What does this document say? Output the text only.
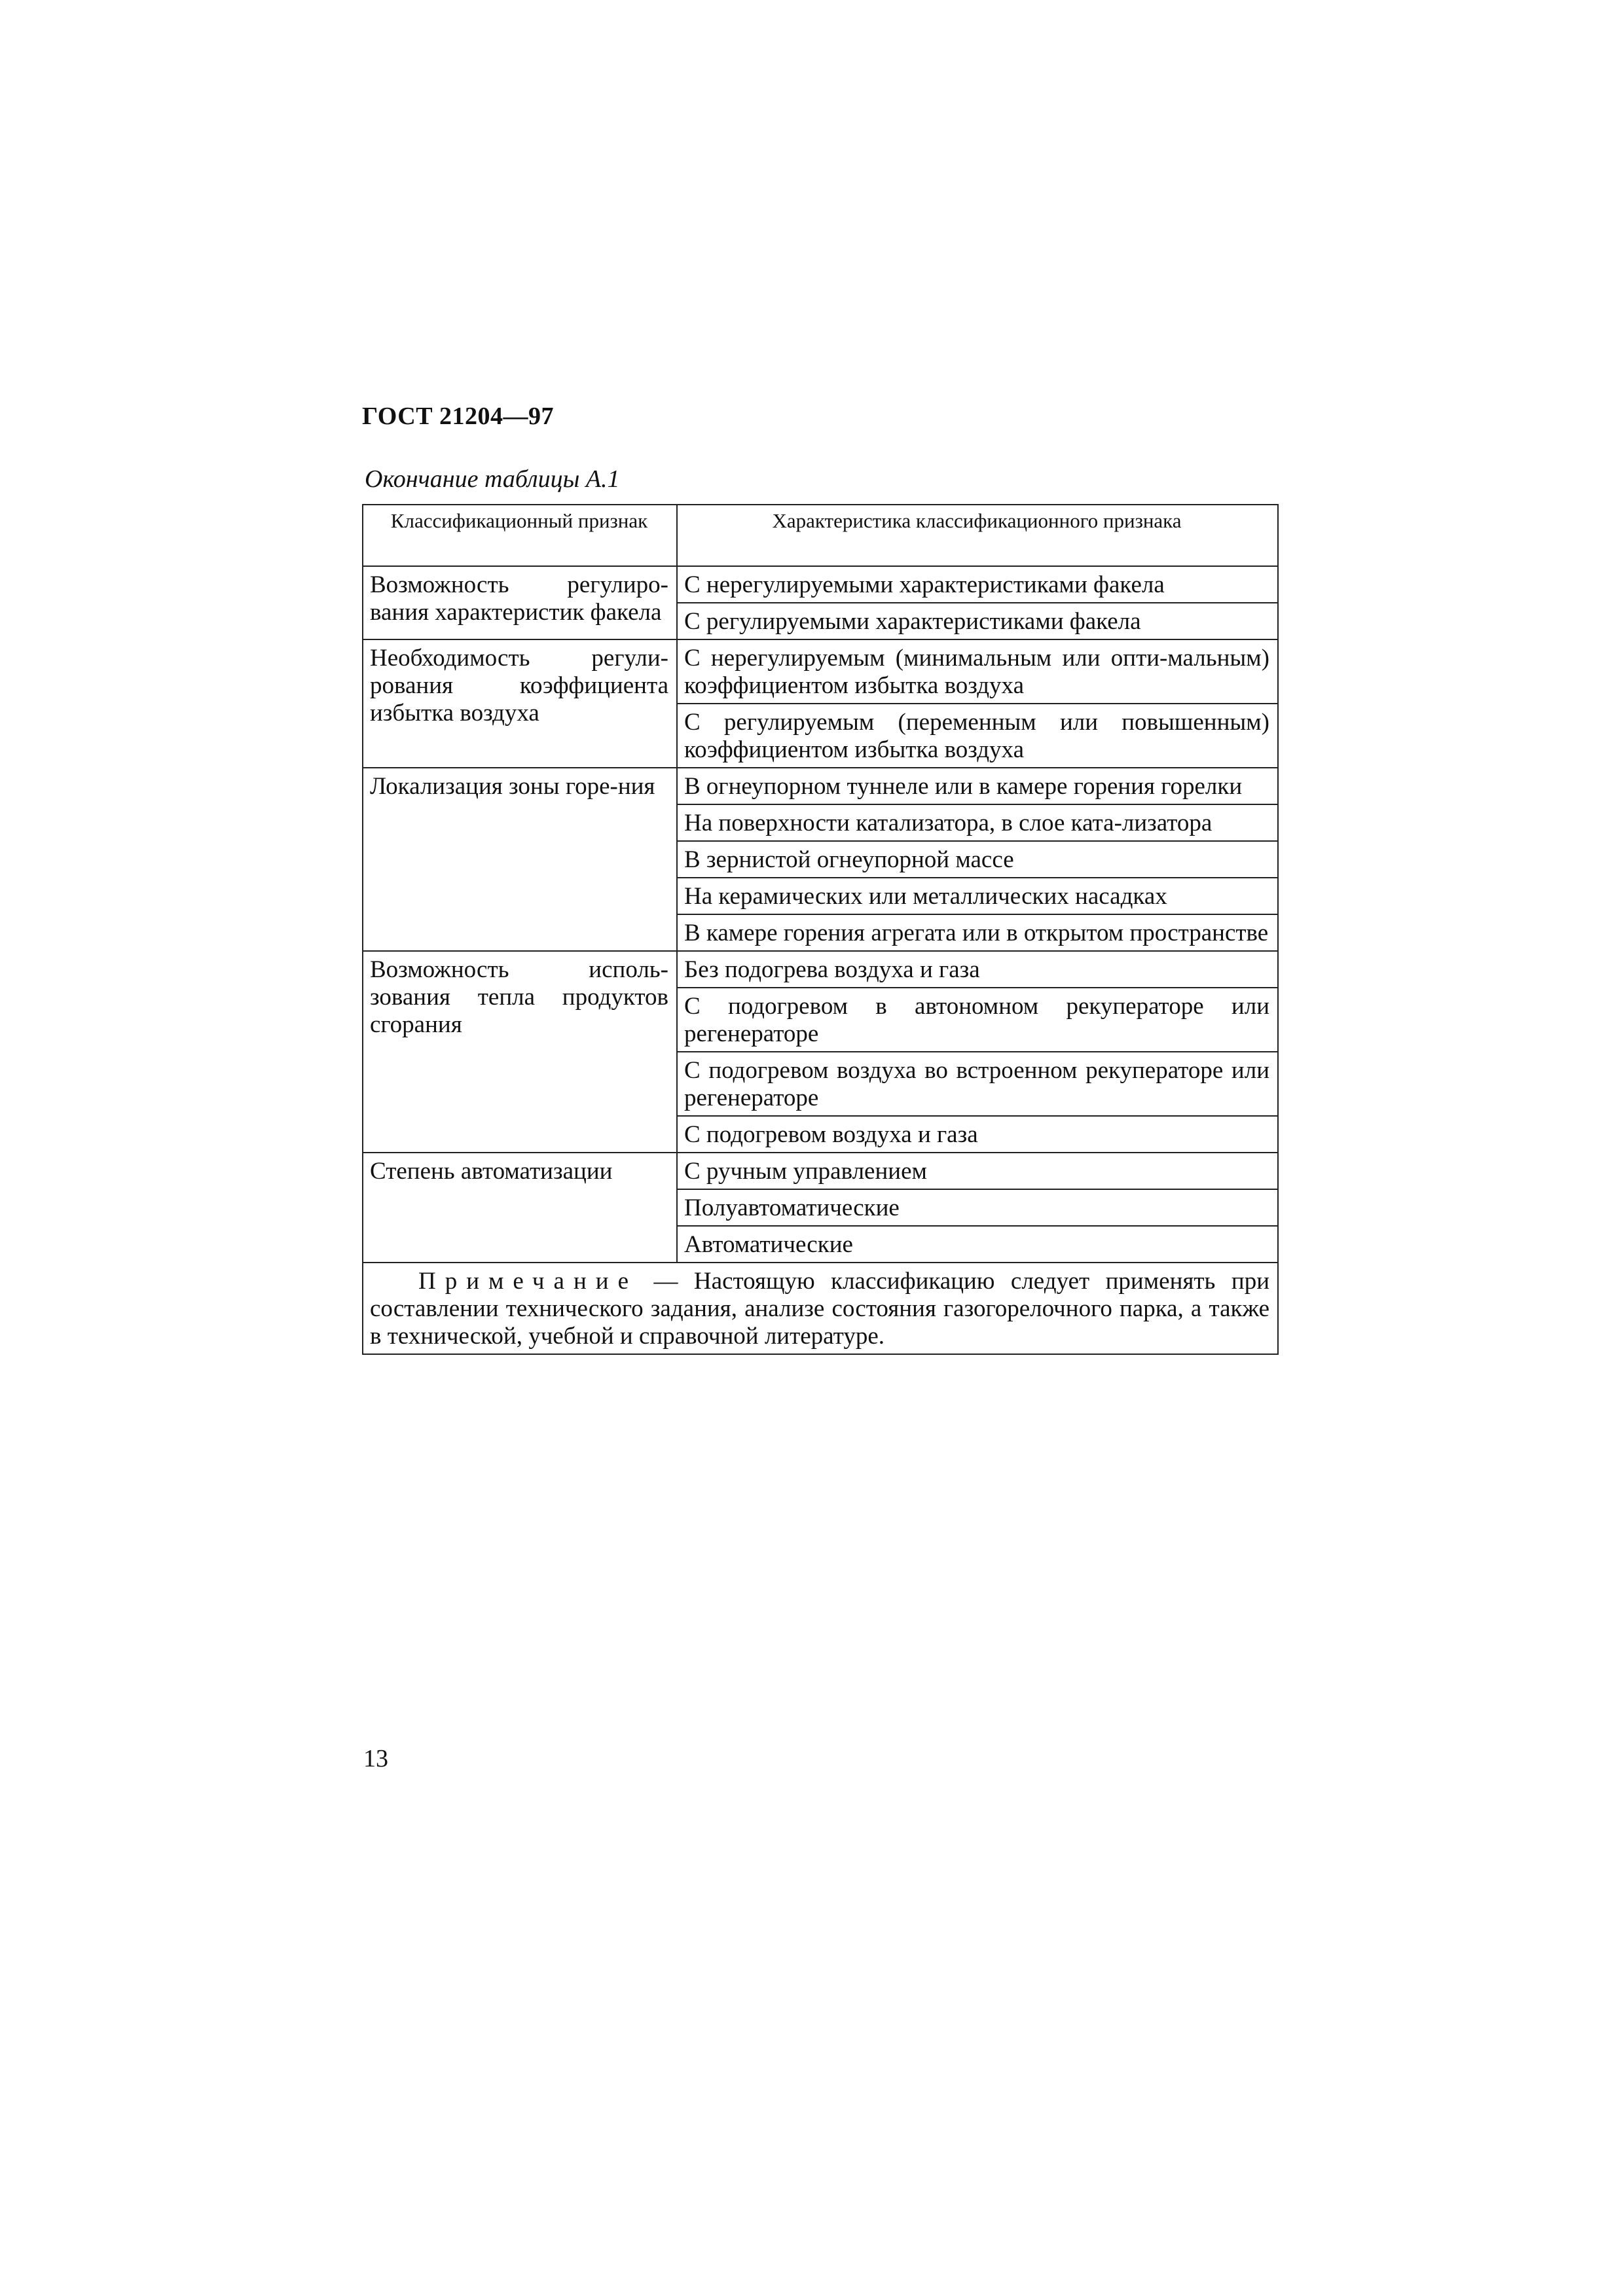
ГОСТ 21204—97
Окончание таблицы А.1
Классификационный признак	Характеристика классификационного признака
Возможность регулиро-вания характеристик факела	С нерегулируемыми характеристиками факела
	С регулируемыми характеристиками факела
Необходимость регули-рования коэффициента избытка воздуха	С нерегулируемым (минимальным или опти-мальным) коэффициентом избытка воздуха
	С регулируемым (переменным или повышенным) коэффициентом избытка воздуха
Локализация зоны горе-ния	В огнеупорном туннеле или в камере горения горелки
	На поверхности катализатора, в слое ката-лизатора
	В зернистой огнеупорной массе
	На керамических или металлических насадках
	В камере горения агрегата или в открытом пространстве
Возможность исполь-зования тепла продуктов сгорания	Без подогрева воздуха и газа
	С подогревом в автономном рекуператоре или регенераторе
	С подогревом воздуха во встроенном рекуператоре или регенераторе
	С подогревом воздуха и газа
Степень автоматизации	С ручным управлением
	Полуавтоматические
	Автоматические
  Примечание — Настоящую классификацию следует применять при составлении технического задания, анализе состояния газогорелочного парка, а также в технической, учебной и справочной литературе.	
13
